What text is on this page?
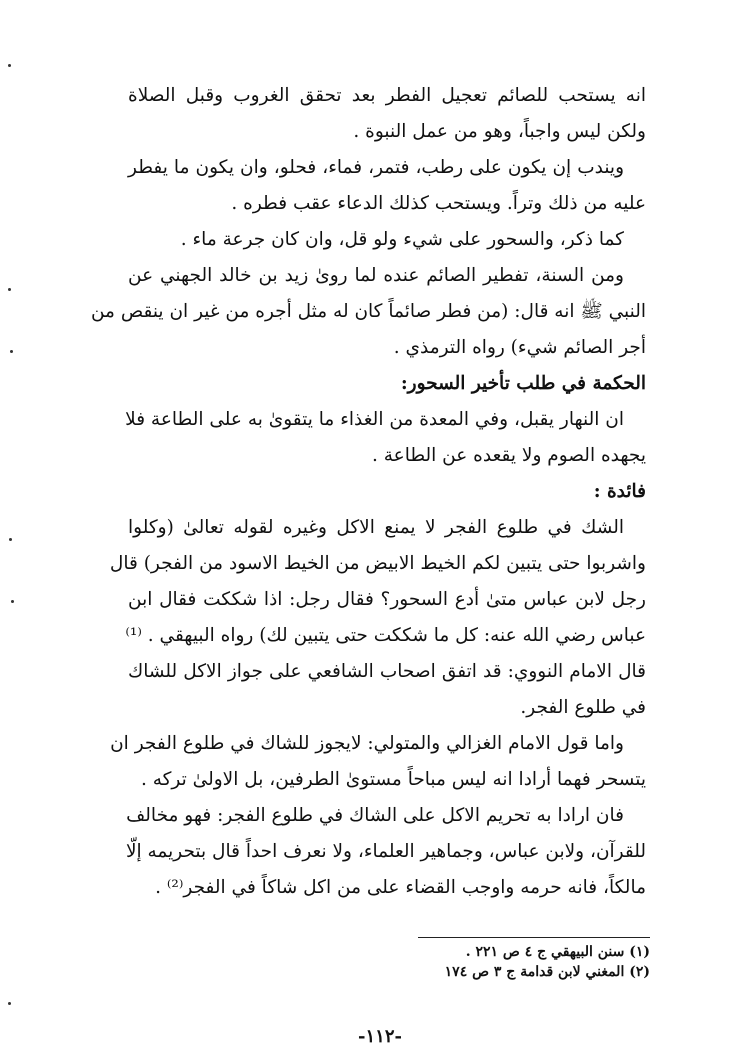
انه يستحب للصائم تعجيل الفطر بعد تحقق الغروب وقبل الصلاة
ولكن ليس واجباً، وهو من عمل النبوة .
ويندب إن يكون على رطب، فتمر، فماء، فحلو، وان يكون ما يفطر
عليه من ذلك وتراً. ويستحب كذلك الدعاء عقب فطره .
كما ذكر، والسحور على شيء ولو قل، وان كان جرعة ماء .
ومن السنة، تفطير الصائم عنده لما روىٰ زيد بن خالد الجهني عن
النبي ﷺ انه قال: (من فطر صائماً كان له مثل أجره من غير ان ينقص من
أجر الصائم شيء) رواه الترمذي .
الحكمة في طلب تأخير السحور:
ان النهار يقبل، وفي المعدة من الغذاء ما يتقوىٰ به على الطاعة فلا
يجهده الصوم ولا يقعده عن الطاعة .
فائدة :
الشك في طلوع الفجر لا يمنع الاكل وغيره لقوله تعالىٰ (وكلوا
واشربوا حتى يتبين لكم الخيط الابيض من الخيط الاسود من الفجر) قال
رجل لابن عباس متىٰ أدع السحور؟ فقال رجل: اذا شككت فقال ابن
عباس رضي الله عنه: كل ما شككت حتى يتبين لك) رواه البيهقي . ⁽¹⁾
قال الامام النووي: قد اتفق اصحاب الشافعي على جواز الاكل للشاك
في طلوع الفجر.
واما قول الامام الغزالي والمتولي: لايجوز للشاك في طلوع الفجر ان
يتسحر فهما أرادا انه ليس مباحاً مستوىٰ الطرفين، بل الاولىٰ تركه .
فان ارادا به تحريم الاكل على الشاك في طلوع الفجر: فهو مخالف
للقرآن، ولابن عباس، وجماهير العلماء، ولا نعرف احداً قال بتحريمه إلّا
مالكاً، فانه حرمه واوجب القضاء على من اكل شاكاً في الفجر⁽²⁾ .
(١) سنن البيهقي ج ٤ ص ٢٢١ .
(٢) المغني لابن قدامة ج ٣ ص ١٧٤
-١١٢-
